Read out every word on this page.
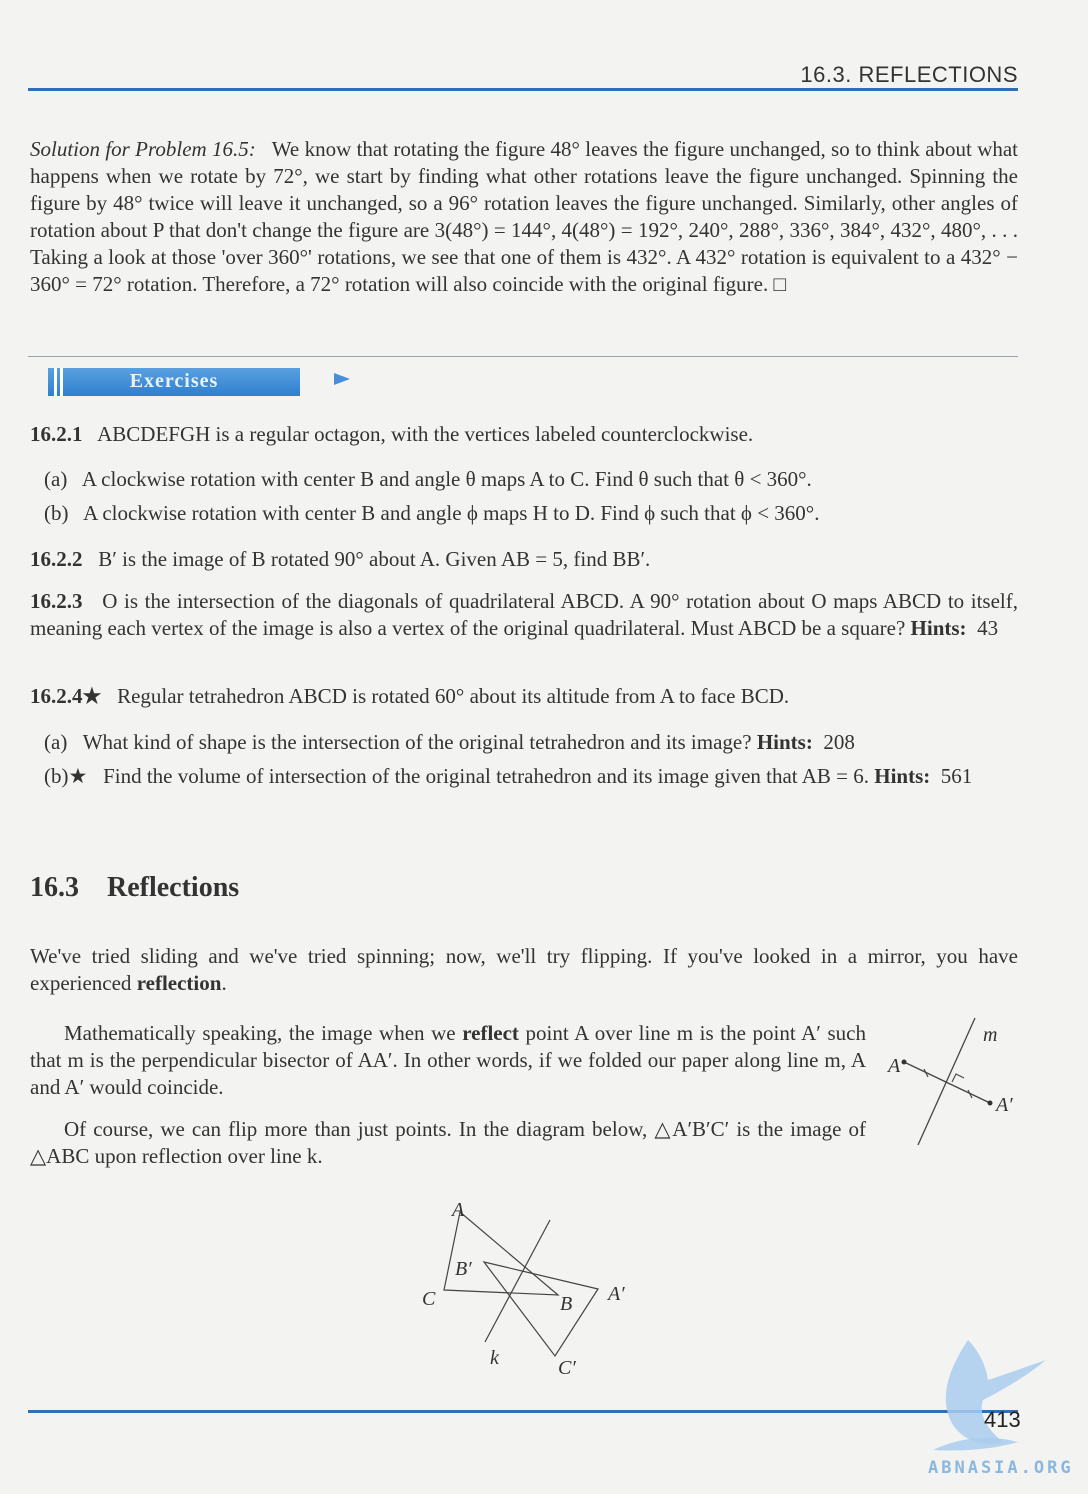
16.3. REFLECTIONS

Solution for Problem 16.5: We know that rotating the figure 48° leaves the figure unchanged, so to think about what happens when we rotate by 72°, we start by finding what other rotations leave the figure unchanged. Spinning the figure by 48° twice will leave it unchanged, so a 96° rotation leaves the figure unchanged. Similarly, other angles of rotation about P that don't change the figure are 3(48°) = 144°, 4(48°) = 192°, 240°, 288°, 336°, 384°, 432°, 480°, . . . Taking a look at those 'over 360°' rotations, we see that one of them is 432°. A 432° rotation is equivalent to a 432° − 360° = 72° rotation. Therefore, a 72° rotation will also coincide with the original figure. □

Exercises
16.2.1 ABCDEFGH is a regular octagon, with the vertices labeled counterclockwise.
(a) A clockwise rotation with center B and angle θ maps A to C. Find θ such that θ < 360°.
(b) A clockwise rotation with center B and angle ϕ maps H to D. Find ϕ such that ϕ < 360°.
16.2.2 B′ is the image of B rotated 90° about A. Given AB = 5, find BB′.
16.2.3 O is the intersection of the diagonals of quadrilateral ABCD. A 90° rotation about O maps ABCD to itself, meaning each vertex of the image is also a vertex of the original quadrilateral. Must ABCD be a square? Hints: 43
16.2.4★ Regular tetrahedron ABCD is rotated 60° about its altitude from A to face BCD.
(a) What kind of shape is the intersection of the original tetrahedron and its image? Hints: 208
(b)★ Find the volume of intersection of the original tetrahedron and its image given that AB = 6. Hints: 561
16.3 Reflections

We've tried sliding and we've tried spinning; now, we'll try flipping. If you've looked in a mirror, you have experienced reflection.

Mathematically speaking, the image when we reflect point A over line m is the point A′ such that m is the perpendicular bisector of AA′. In other words, if we folded our paper along line m, A and A′ would coincide.

Of course, we can flip more than just points. In the diagram below, △A′B′C′ is the image of △ABC upon reflection over line k.

m
A
A′
A
B′
C	B A′
k	C′
413
ABNASIA.ORG
